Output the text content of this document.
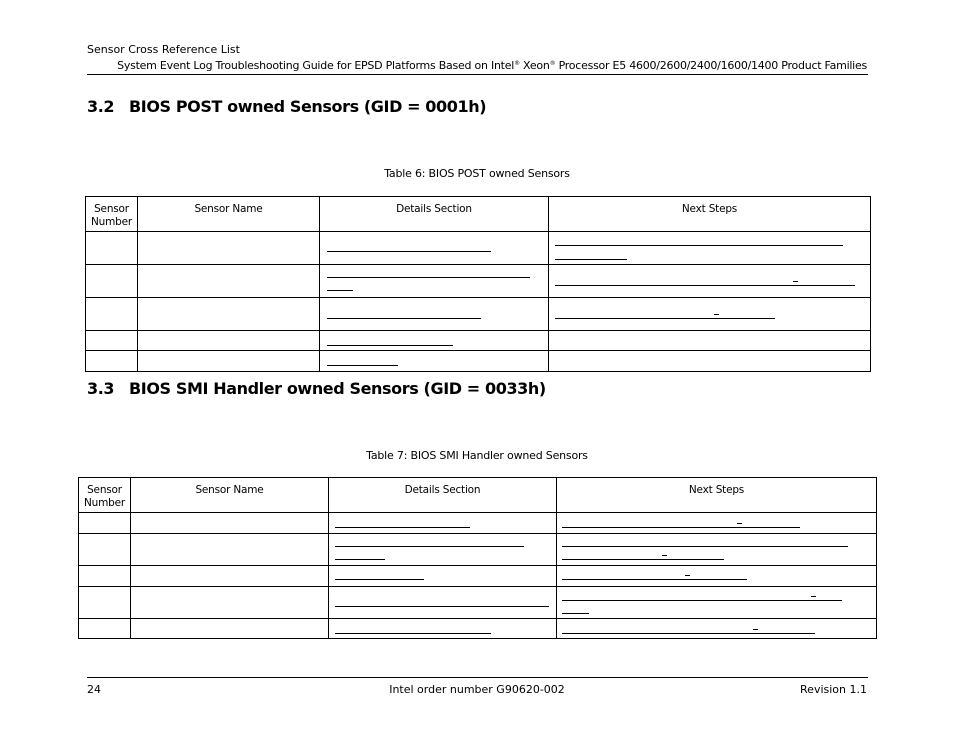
Sensor Cross Reference List
System Event Log Troubleshooting Guide for EPSD Platforms Based on Intel® Xeon® Processor E5 4600/2600/2400/1600/1400 Product Families
3.2 BIOS POST owned Sensors (GID = 0001h)
Table 6: BIOS POST owned Sensors
Sensor Number	Sensor Name	Details Section	Next Steps

3.3 BIOS SMI Handler owned Sensors (GID = 0033h)
Table 7: BIOS SMI Handler owned Sensors
Sensor Number	Sensor Name	Details Section	Next Steps

24	Intel order number G90620-002	Revision 1.1
